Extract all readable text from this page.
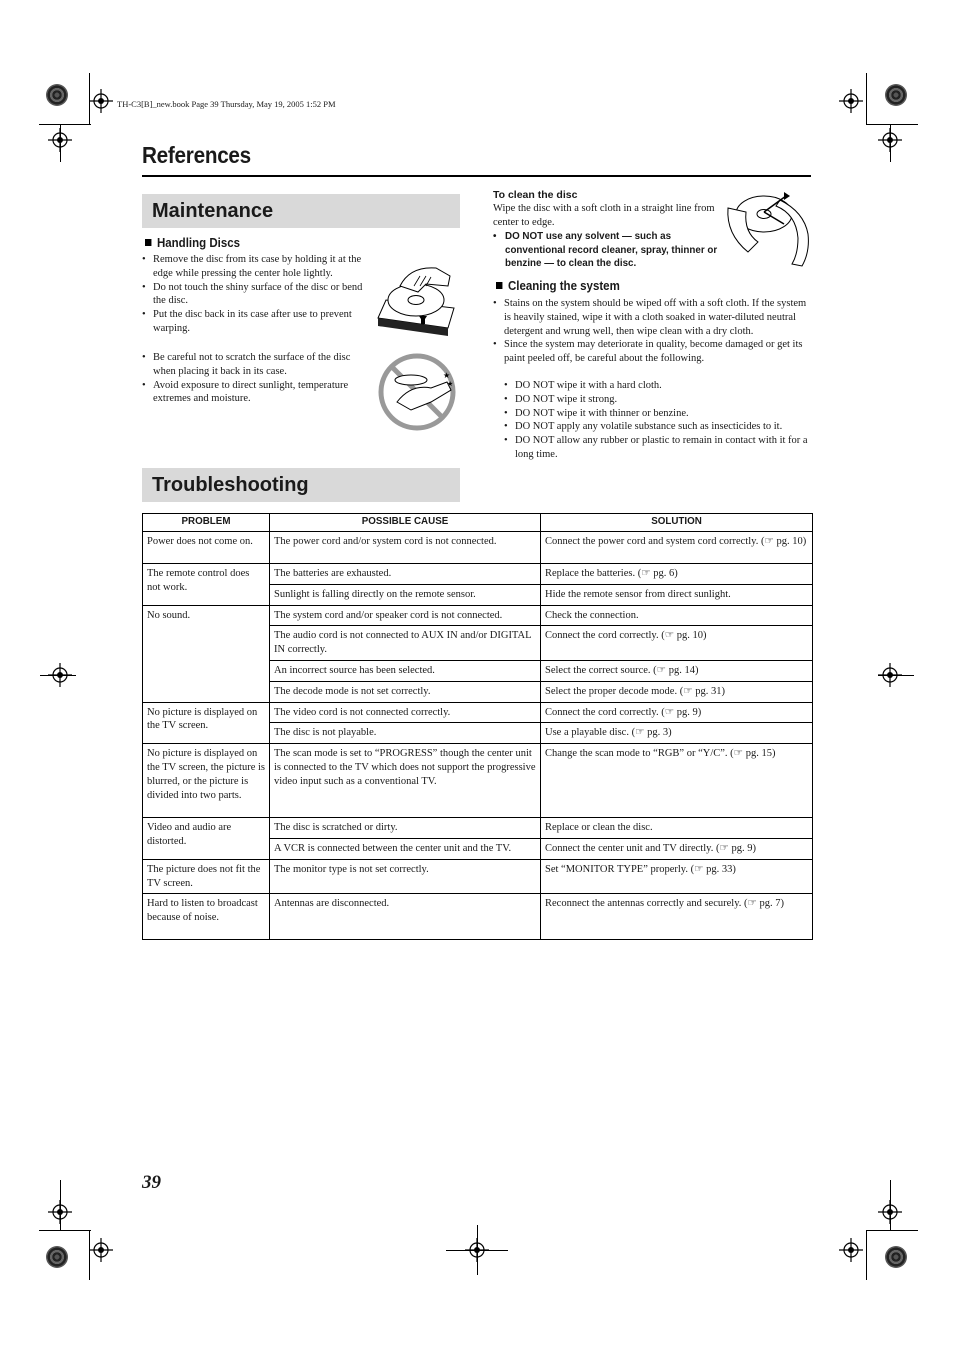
TH-C3[B]_new.book Page 39 Thursday, May 19, 2005 1:52 PM
References
Maintenance
Handling Discs
• Remove the disc from its case by holding it at the edge while pressing the center hole lightly.
• Do not touch the shiny surface of the disc or bend the disc.
• Put the disc back in its case after use to prevent warping.
• Be careful not to scratch the surface of the disc when placing it back in its case.
• Avoid exposure to direct sunlight, temperature extremes and moisture.
★
★
To clean the disc
Wipe the disc with a soft cloth in a straight line from center to edge.
• DO NOT use any solvent — such as conventional record cleaner, spray, thinner or benzine — to clean the disc.
Cleaning the system
• Stains on the system should be wiped off with a soft cloth. If the system is heavily stained, wipe it with a cloth soaked in water-diluted neutral detergent and wrung well, then wipe clean with a dry cloth.
• Since the system may deteriorate in quality, become damaged or get its paint peeled off, be careful about the following.
• DO NOT wipe it with a hard cloth.
• DO NOT wipe it strong.
• DO NOT wipe it with thinner or benzine.
• DO NOT apply any volatile substance such as insecticides to it.
• DO NOT allow any rubber or plastic to remain in contact with it for a long time.
Troubleshooting
PROBLEM	POSSIBLE CAUSE	SOLUTION
Power does not come on.	The power cord and/or system cord is not connected.	Connect the power cord and system cord correctly. (☞ pg. 10)
The remote control does not work.	The batteries are exhausted.	Replace the batteries. (☞ pg. 6)
	Sunlight is falling directly on the remote sensor.	Hide the remote sensor from direct sunlight.
No sound.	The system cord and/or speaker cord is not connected.	Check the connection.
	The audio cord is not connected to AUX IN and/or DIGITAL IN correctly.	Connect the cord correctly. (☞ pg. 10)
	An incorrect source has been selected.	Select the correct source. (☞ pg. 14)
	The decode mode is not set correctly.	Select the proper decode mode. (☞ pg. 31)
No picture is displayed on the TV screen.	The video cord is not connected correctly.	Connect the cord correctly. (☞ pg. 9)
	The disc is not playable.	Use a playable disc. (☞ pg. 3)
No picture is displayed on the TV screen, the picture is blurred, or the picture is divided into two parts.	The scan mode is set to “PROGRESS” though the center unit is connected to the TV which does not support the progressive video input such as a conventional TV.	Change the scan mode to “RGB” or “Y/C”. (☞ pg. 15)
Video and audio are distorted.	The disc is scratched or dirty.	Replace or clean the disc.
	A VCR is connected between the center unit and the TV.	Connect the center unit and TV directly. (☞ pg. 9)
The picture does not fit the TV screen.	The monitor type is not set correctly.	Set “MONITOR TYPE” properly. (☞ pg. 33)
Hard to listen to broadcast because of noise.	Antennas are disconnected.	Reconnect the antennas correctly and securely. (☞ pg. 7)
39
